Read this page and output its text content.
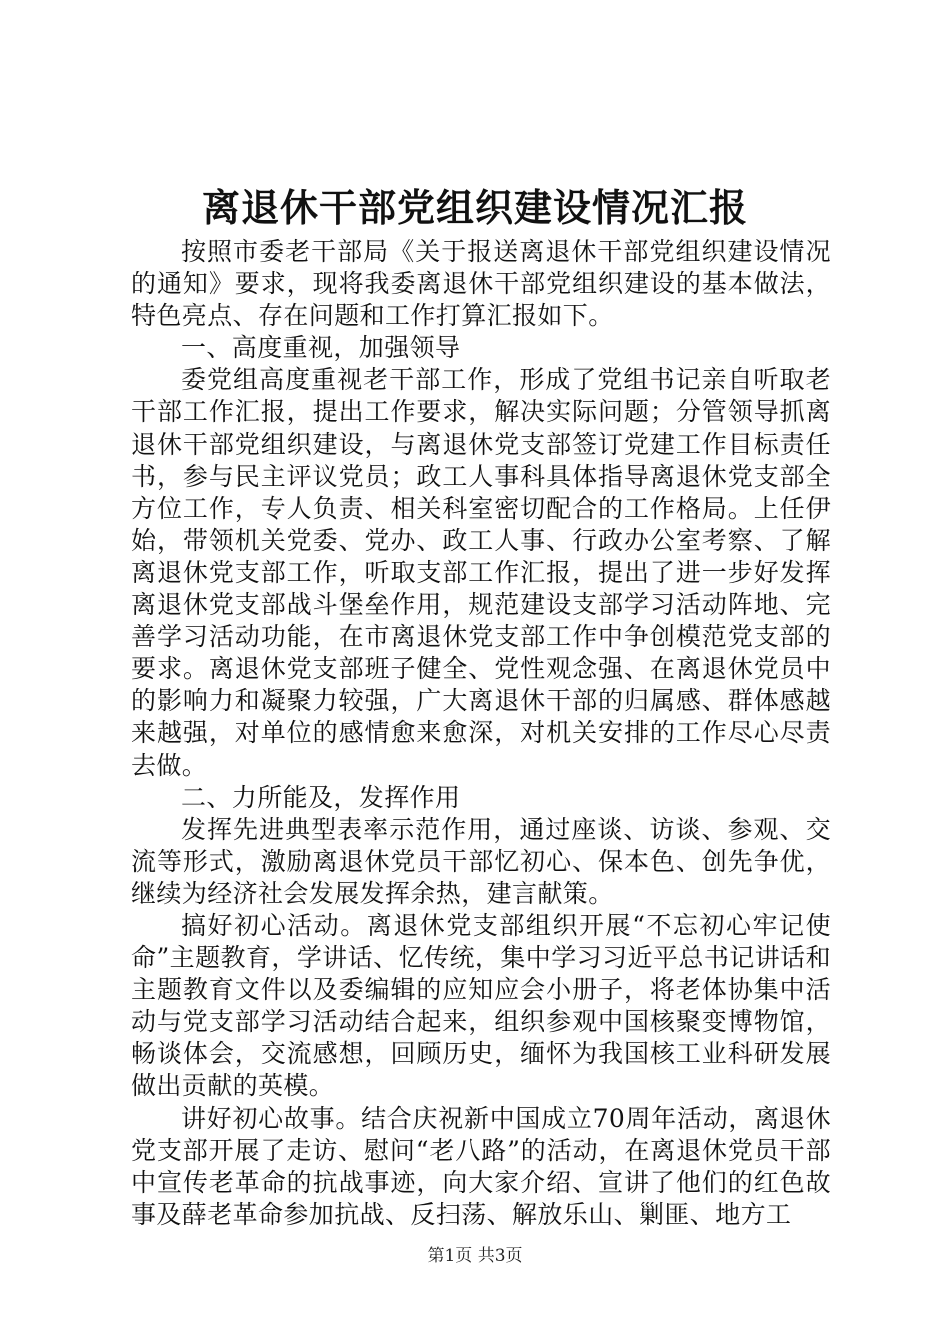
离退休干部党组织建设情况汇报

按照市委老干部局《关于报送离退休干部党组织建设情况的通知》要求，现将我委离退休干部党组织建设的基本做法，特色亮点、存在问题和工作打算汇报如下。

一、高度重视，加强领导

委党组高度重视老干部工作，形成了党组书记亲自听取老干部工作汇报，提出工作要求，解决实际问题；分管领导抓离退休干部党组织建设，与离退休党支部签订党建工作目标责任书，参与民主评议党员；政工人事科具体指导离退休党支部全方位工作，专人负责、相关科室密切配合的工作格局。上任伊始，带领机关党委、党办、政工人事、行政办公室考察、了解离退休党支部工作，听取支部工作汇报，提出了进一步好发挥离退休党支部战斗堡垒作用，规范建设支部学习活动阵地、完善学习活动功能，在市离退休党支部工作中争创模范党支部的要求。离退休党支部班子健全、党性观念强、在离退休党员中的影响力和凝聚力较强，广大离退休干部的归属感、群体感越来越强，对单位的感情愈来愈深，对机关安排的工作尽心尽责去做。

二、力所能及，发挥作用

发挥先进典型表率示范作用，通过座谈、访谈、参观、交流等形式，激励离退休党员干部忆初心、保本色、创先争优，继续为经济社会发展发挥余热，建言献策。

搞好初心活动。离退休党支部组织开展“不忘初心牢记使命”主题教育，学讲话、忆传统，集中学习习近平总书记讲话和主题教育文件以及委编辑的应知应会小册子，将老体协集中活动与党支部学习活动结合起来，组织参观中国核聚变博物馆，畅谈体会，交流感想，回顾历史，缅怀为我国核工业科研发展做出贡献的英模。

讲好初心故事。结合庆祝新中国成立70周年活动，离退休党支部开展了走访、慰问“老八路”的活动，在离退休党员干部中宣传老革命的抗战事迹，向大家介绍、宣讲了他们的红色故事及薛老革命参加抗战、反扫荡、解放乐山、剿匪、地方工

第1页 共3页
